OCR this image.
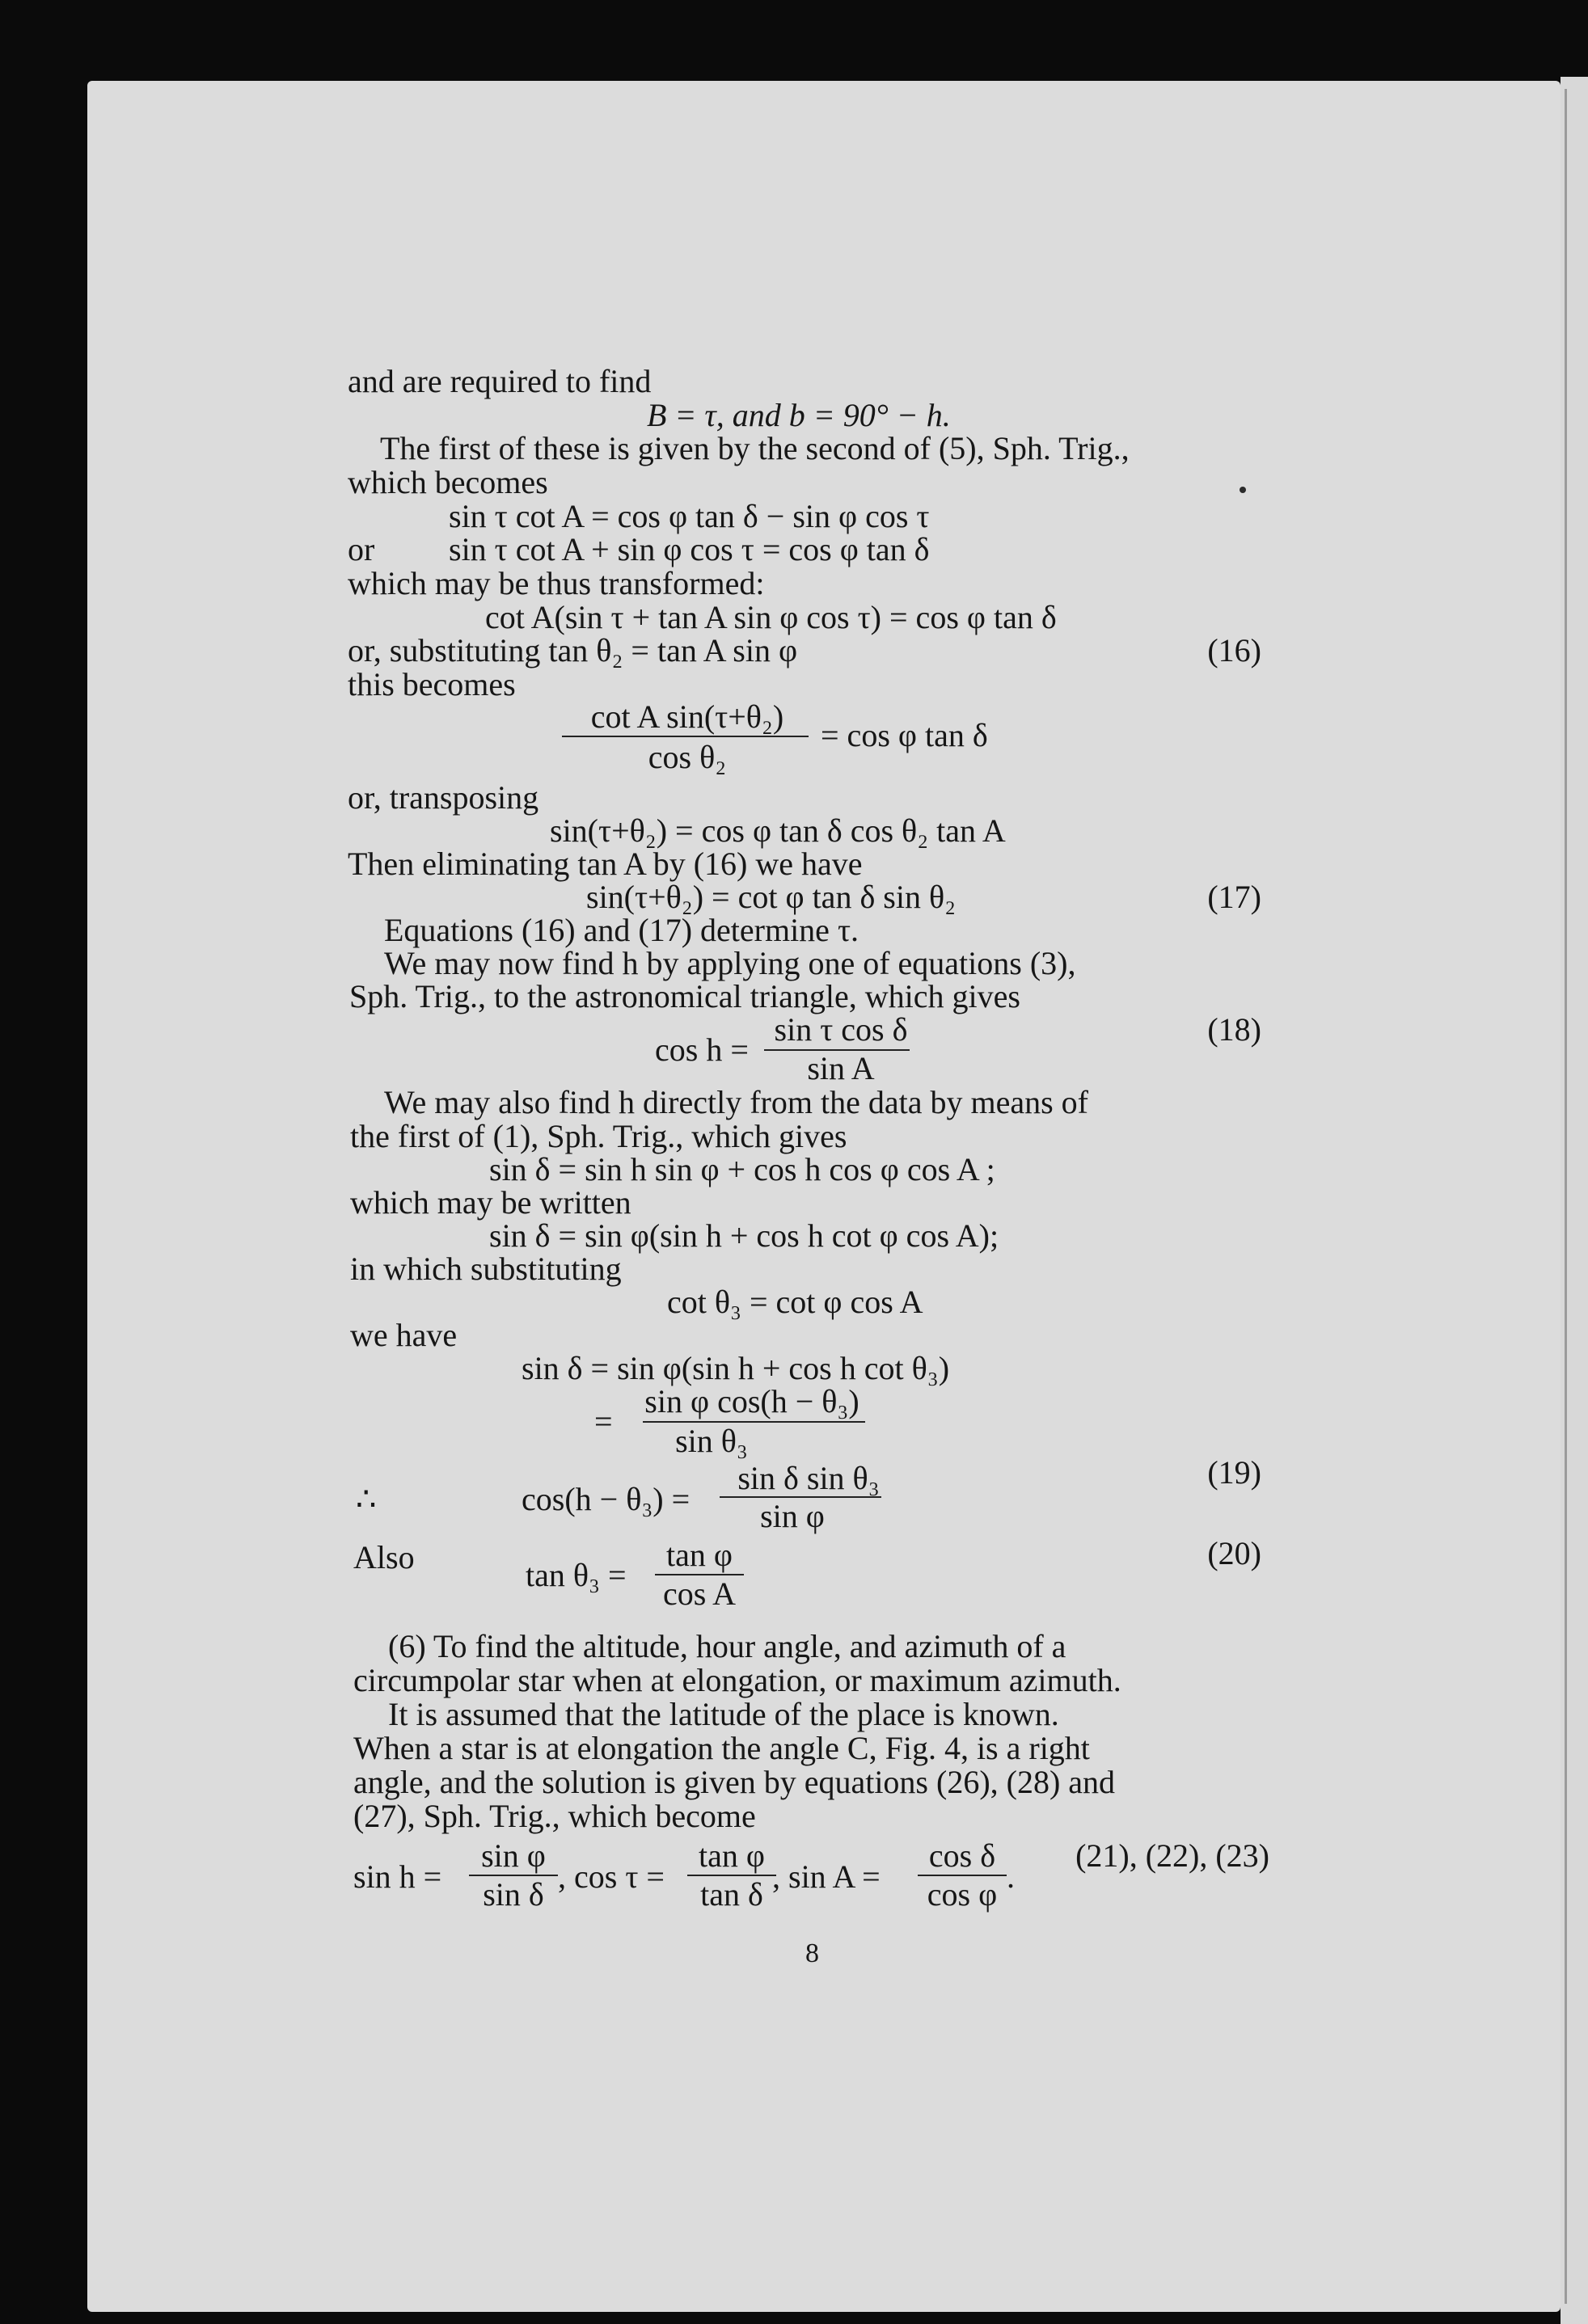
and are required to find
B = τ, and b = 90° − h.
The first of these is given by the second of (5), Sph. Trig.,
which becomes
sin τ cot A = cos φ tan δ − sin φ cos τ
or sin τ cot A + sin φ cos τ = cos φ tan δ
which may be thus transformed:
cot A(sin τ + tan A sin φ cos τ) = cos φ tan δ
or, substituting tan θ₂ = tan A sin φ	(16)
this becomes
cot A sin(τ+θ₂)
cos θ₂
= cos φ tan δ
or, transposing
sin(τ+θ₂) = cos φ tan δ cos θ₂ tan A
Then eliminating tan A by (16) we have
sin(τ+θ₂) = cot φ tan δ sin θ₂	(17)
Equations (16) and (17) determine τ.
We may now find h by applying one of equations (3),
Sph. Trig., to the astronomical triangle, which gives
cos h =
sin τ cos δ
sin A
(18)
We may also find h directly from the data by means of
the first of (1), Sph. Trig., which gives
sin δ = sin h sin φ + cos h cos φ cos A ;
which may be written
sin δ = sin φ(sin h + cos h cot φ cos A);
in which substituting
cot θ₃ = cot φ cos A
we have
sin δ = sin φ(sin h + cos h cot θ₃)
=
sin φ cos(h − θ₃)
sin θ₃
∴	cos(h − θ₃) =
sin δ sin θ₃
sin φ
(19)
Also	tan θ₃ =
tan φ
cos A
(20)
(6) To find the altitude, hour angle, and azimuth of a
circumpolar star when at elongation, or maximum azimuth.
It is assumed that the latitude of the place is known.
When a star is at elongation the angle C, Fig. 4, is a right
angle, and the solution is given by equations (26), (28) and
(27), Sph. Trig., which become
sin h =
sin φ
sin δ , cos τ =
tan φ
tan δ , sin A =
cos δ
cos φ .
(21), (22), (23)
8
